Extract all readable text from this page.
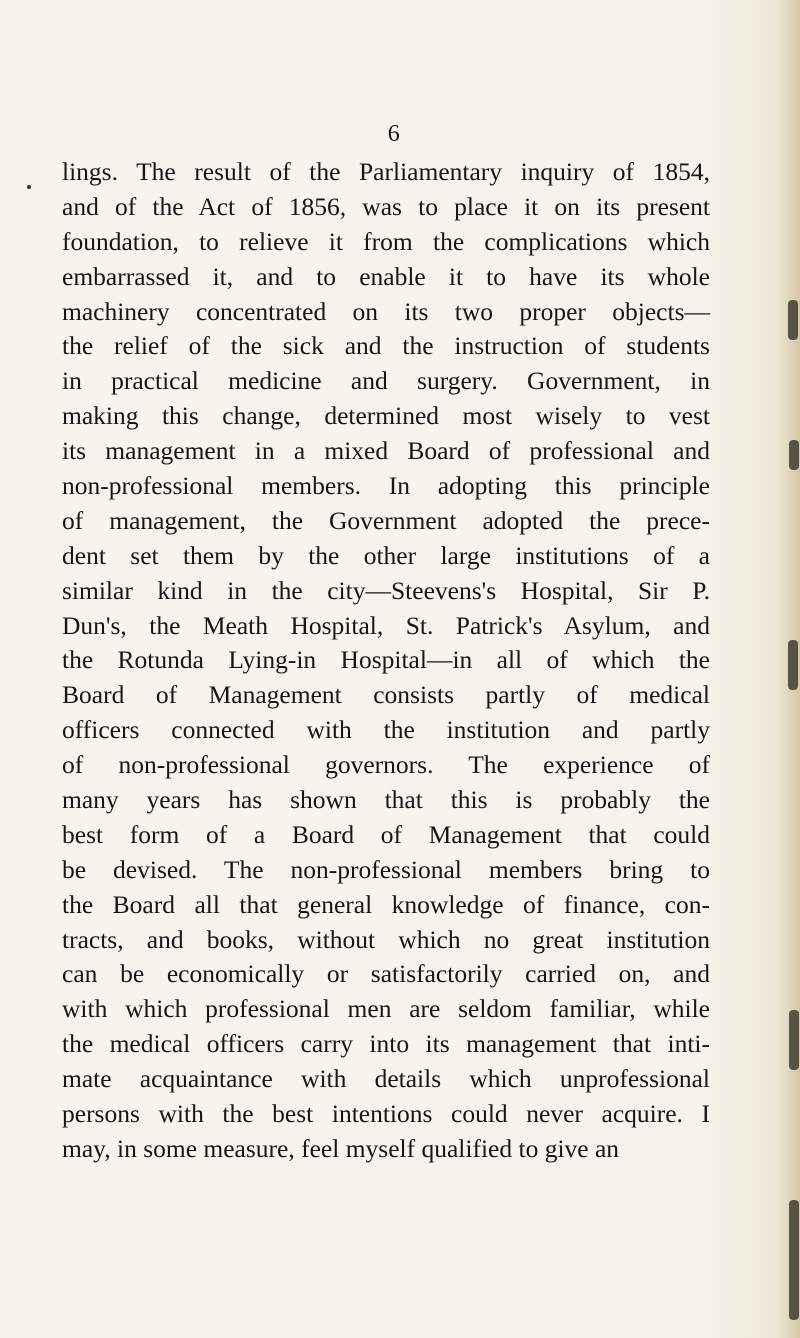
6
lings. The result of the Parliamentary inquiry of 1854,
and of the Act of 1856, was to place it on its present
foundation, to relieve it from the complications which
embarrassed it, and to enable it to have its whole
machinery concentrated on its two proper objects—
the relief of the sick and the instruction of students
in practical medicine and surgery. Government, in
making this change, determined most wisely to vest
its management in a mixed Board of professional and
non-professional members. In adopting this principle
of management, the Government adopted the prece-
dent set them by the other large institutions of a
similar kind in the city—Steevens's Hospital, Sir P.
Dun's, the Meath Hospital, St. Patrick's Asylum, and
the Rotunda Lying-in Hospital—in all of which the
Board of Management consists partly of medical
officers connected with the institution and partly
of non-professional governors. The experience of
many years has shown that this is probably the
best form of a Board of Management that could
be devised. The non-professional members bring to
the Board all that general knowledge of finance, con-
tracts, and books, without which no great institution
can be economically or satisfactorily carried on, and
with which professional men are seldom familiar, while
the medical officers carry into its management that inti-
mate acquaintance with details which unprofessional
persons with the best intentions could never acquire. I
may, in some measure, feel myself qualified to give an
